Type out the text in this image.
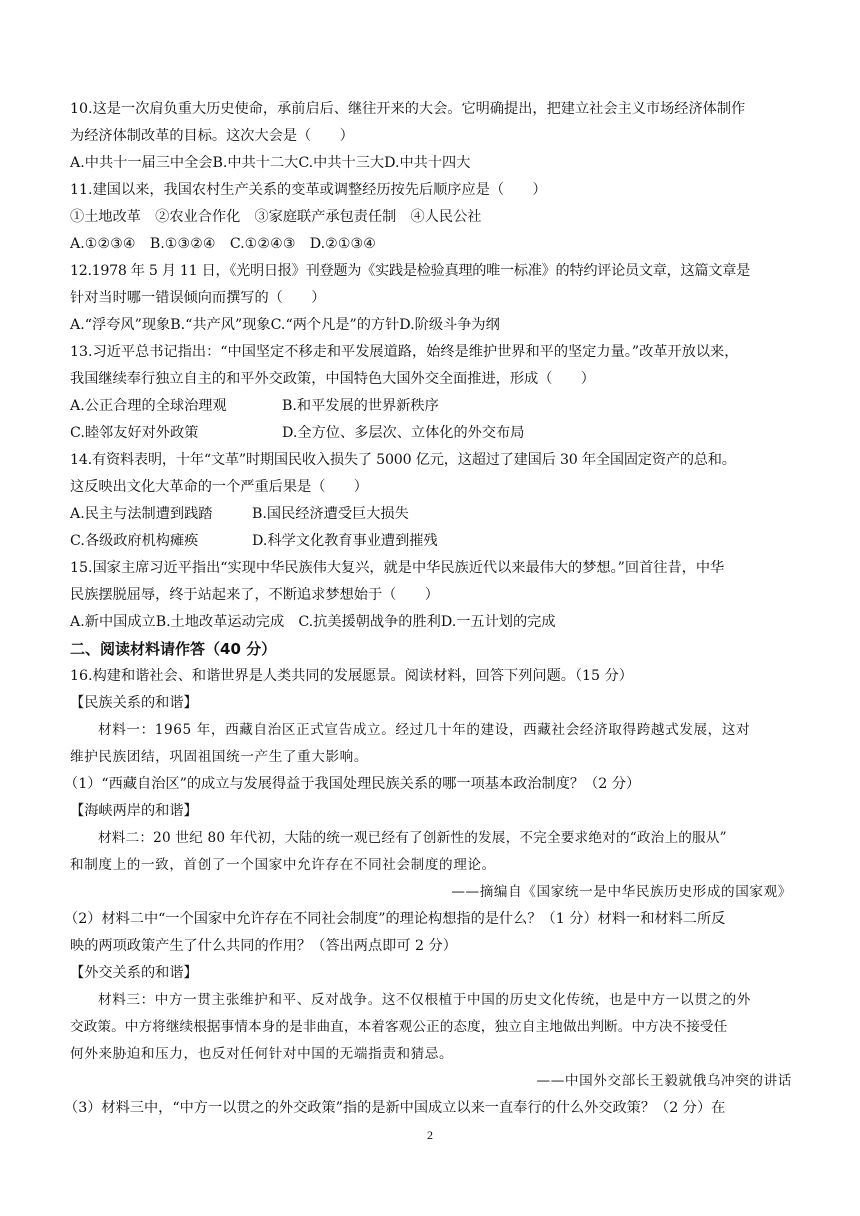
10.这是一次肩负重大历史使命，承前启后、继往开来的大会。它明确提出，把建立社会主义市场经济体制作
为经济体制改革的目标。这次大会是（　　）
A.中共十一届三中全会B.中共十二大C.中共十三大D.中共十四大
11.建国以来，我国农村生产关系的变革或调整经历按先后顺序应是（　　）
①土地改革　②农业合作化　③家庭联产承包责任制　④人民公社
A.①②③④　B.①③②④　C.①②④③　D.②①③④
12.1978 年 5 月 11 日，《光明日报》刊登题为《实践是检验真理的唯一标准》的特约评论员文章，这篇文章是
针对当时哪一错误倾向而撰写的（　　）
A.“浮夸风”现象B.“共产风”现象C.“两个凡是”的方针D.阶级斗争为纲
13.习近平总书记指出：“中国坚定不移走和平发展道路，始终是维护世界和平的坚定力量。”改革开放以来，
我国继续奉行独立自主的和平外交政策，中国特色大国外交全面推进，形成（　　）
A.公正合理的全球治理观	B.和平发展的世界新秩序
C.睦邻友好对外政策	D.全方位、多层次、立体化的外交布局
14.有资料表明，十年“文革”时期国民收入损失了 5000 亿元，这超过了建国后 30 年全国固定资产的总和。
这反映出文化大革命的一个严重后果是（　　）
A.民主与法制遭到践踏	B.国民经济遭受巨大损失
C.各级政府机构瘫痪	D.科学文化教育事业遭到摧残
15.国家主席习近平指出“实现中华民族伟大复兴，就是中华民族近代以来最伟大的梦想。”回首往昔，中华
民族摆脱屈辱，终于站起来了，不断追求梦想始于（　　）
A.新中国成立B.土地改革运动完成　C.抗美援朝战争的胜利D.一五计划的完成
二、阅读材料请作答（40 分）
16.构建和谐社会、和谐世界是人类共同的发展愿景。阅读材料，回答下列问题。（15 分）
【民族关系的和谐】
材料一：1965 年，西藏自治区正式宣告成立。经过几十年的建设，西藏社会经济取得跨越式发展，这对
维护民族团结，巩固祖国统一产生了重大影响。
（1）“西藏自治区”的成立与发展得益于我国处理民族关系的哪一项基本政治制度？（2 分）
【海峡两岸的和谐】
材料二：20 世纪 80 年代初，大陆的统一观已经有了创新性的发展，不完全要求绝对的“政治上的服从”
和制度上的一致，首创了一个国家中允许存在不同社会制度的理论。
——摘编自《国家统一是中华民族历史形成的国家观》
（2）材料二中“一个国家中允许存在不同社会制度”的理论构想指的是什么？（1 分）材料一和材料二所反
映的两项政策产生了什么共同的作用？（答出两点即可 2 分）
【外交关系的和谐】
材料三：中方一贯主张维护和平、反对战争。这不仅根植于中国的历史文化传统，也是中方一以贯之的外
交政策。中方将继续根据事情本身的是非曲直，本着客观公正的态度，独立自主地做出判断。中方决不接受任
何外来胁迫和压力，也反对任何针对中国的无端指责和猜忌。
——中国外交部长王毅就俄乌冲突的讲话
（3）材料三中，“中方一以贯之的外交政策”指的是新中国成立以来一直奉行的什么外交政策？（2 分）在
2
